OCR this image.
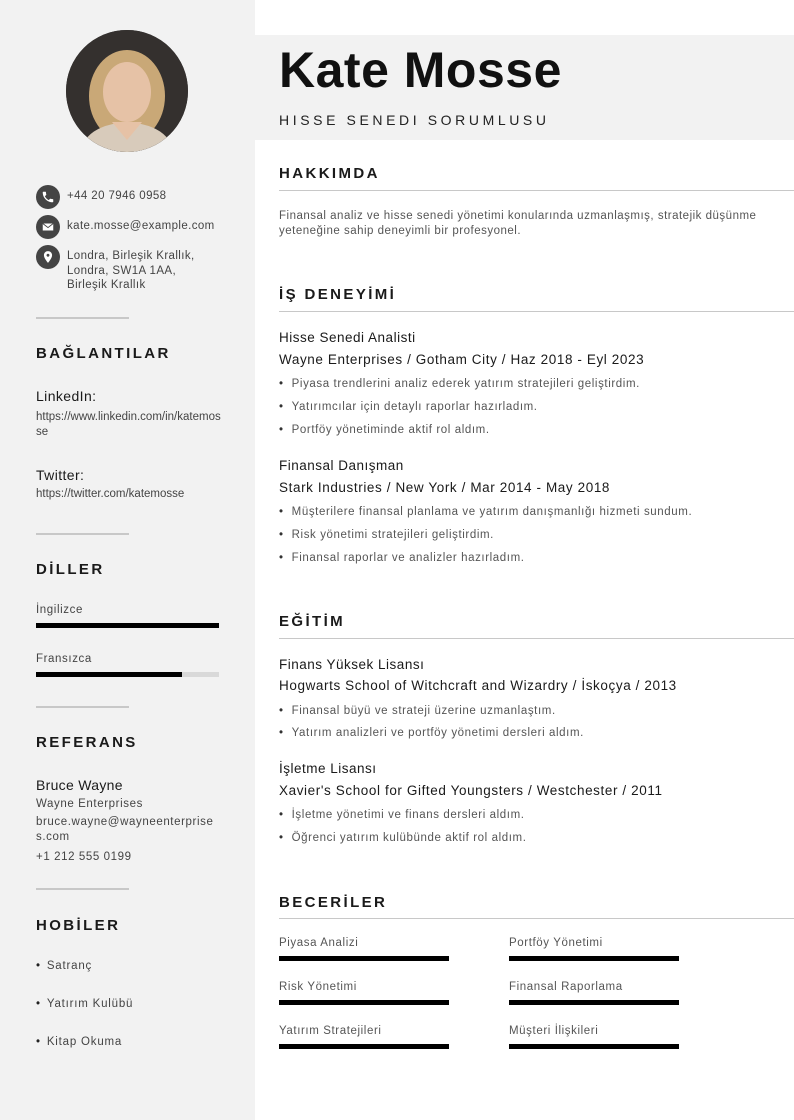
+44 20 7946 0958
kate.mosse@example.com
Londra, Birleşik Krallık,
Londra, SW1A 1AA,
Birleşik Krallık
BAĞLANTILAR
LinkedIn:
https://www.linkedin.com/in/katemosse
Twitter:
https://twitter.com/katemosse
DİLLER
İngilizce
Fransızca
REFERANS
Bruce Wayne
Wayne Enterprises
bruce.wayne@wayneenterprises.com
+1 212 555 0199
HOBİLER
• Satranç
• Yatırım Kulübü
• Kitap Okuma
Kate Mosse
HISSE SENEDI SORUMLUSU
HAKKIMDA
Finansal analiz ve hisse senedi yönetimi konularında uzmanlaşmış, stratejik düşünme yeteneğine sahip deneyimli bir profesyonel.
İŞ DENEYİMİ
Hisse Senedi Analisti
Wayne Enterprises / Gotham City / Haz 2018 - Eyl 2023
• Piyasa trendlerini analiz ederek yatırım stratejileri geliştirdim.
• Yatırımcılar için detaylı raporlar hazırladım.
• Portföy yönetiminde aktif rol aldım.
Finansal Danışman
Stark Industries / New York / Mar 2014 - May 2018
• Müşterilere finansal planlama ve yatırım danışmanlığı hizmeti sundum.
• Risk yönetimi stratejileri geliştirdim.
• Finansal raporlar ve analizler hazırladım.
EĞİTİM
Finans Yüksek Lisansı
Hogwarts School of Witchcraft and Wizardry / İskoçya / 2013
• Finansal büyü ve strateji üzerine uzmanlaştım.
• Yatırım analizleri ve portföy yönetimi dersleri aldım.
İşletme Lisansı
Xavier's School for Gifted Youngsters / Westchester / 2011
• İşletme yönetimi ve finans dersleri aldım.
• Öğrenci yatırım kulübünde aktif rol aldım.
BECERİLER
Piyasa Analizi	Portföy Yönetimi
Risk Yönetimi	Finansal Raporlama
Yatırım Stratejileri	Müşteri İlişkileri
